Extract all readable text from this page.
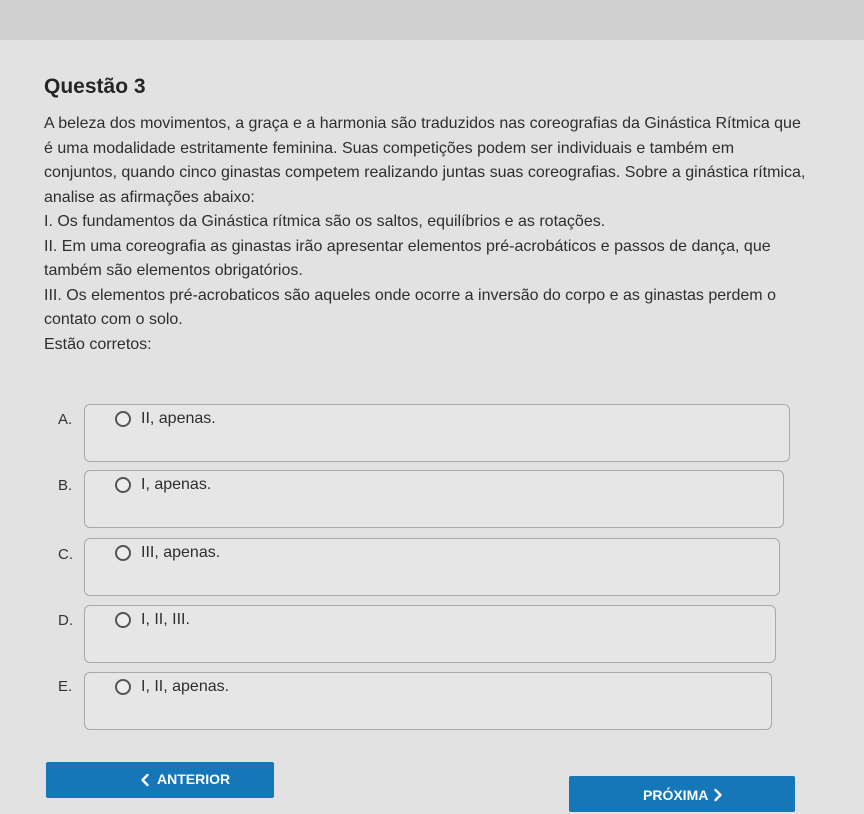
Questão 3

A beleza dos movimentos, a graça e a harmonia são traduzidos nas coreografias da Ginástica Rítmica que

é uma modalidade estritamente feminina. Suas competições podem ser individuais e também em

conjuntos, quando cinco ginastas competem realizando juntas suas coreografias. Sobre a ginástica rítmica,

analise as afirmações abaixo:

I. Os fundamentos da Ginástica rítmica são os saltos, equilíbrios e as rotações.

II. Em uma coreografia as ginastas irão apresentar elementos pré-acrobáticos e passos de dança, que

também são elementos obrigatórios.

III. Os elementos pré-acrobaticos são aqueles onde ocorre a inversão do corpo e as ginastas perdem o

contato com o solo.

Estão corretos:

A.	II, apenas.
B.	I, apenas.
C.	III, apenas.
D.	I, II, III.
E.	I, II, apenas.
ANTERIOR
PRÓXIMA
